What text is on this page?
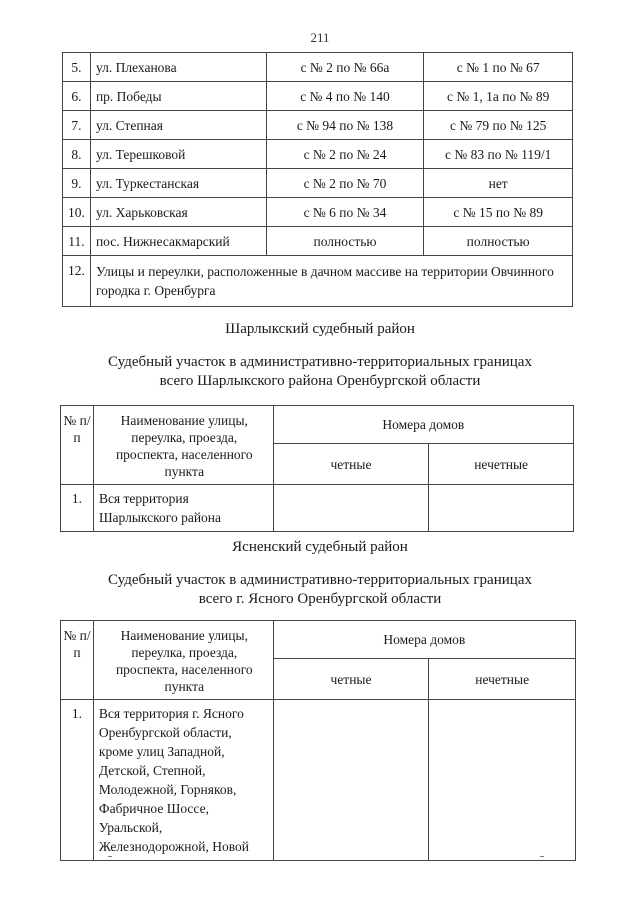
211
5.	ул. Плеханова	с № 2 по № 66а	с № 1 по № 67
6.	пр. Победы	с № 4 по № 140	с № 1, 1а по № 89
7.	ул. Степная	с № 94 по № 138	с № 79 по № 125
8.	ул. Терешковой	с № 2 по № 24	с № 83 по № 119/1
9.	ул. Туркестанская	с № 2 по № 70	нет
10.	ул. Харьковская	с № 6 по № 34	с № 15 по № 89
11.	пос. Нижнесакмарский	полностью	полностью
12.	Улицы и переулки, расположенные в дачном массиве на территории Овчинного городка г. Оренбурга		
Шарлыкский судебный район
Судебный участок в административно-территориальных границах
всего Шарлыкского района Оренбургской области
№ п/п	Наименование улицы, переулка, проезда, проспекта, населенного пункта	Номера домов	
		четные	нечетные
1.	Вся территория Шарлыкского района		
Ясненский судебный район
Судебный участок в административно-территориальных границах
всего г. Ясного Оренбургской области
№ п/п	Наименование улицы, переулка, проезда, проспекта, населенного пункта	Номера домов	
		четные	нечетные
1.	Вся территория г. Ясного Оренбургской области, кроме улиц Западной, Детской, Степной, Молодежной, Горняков, Фабричное Шоссе, Уральской, Железнодорожной, Новой		
